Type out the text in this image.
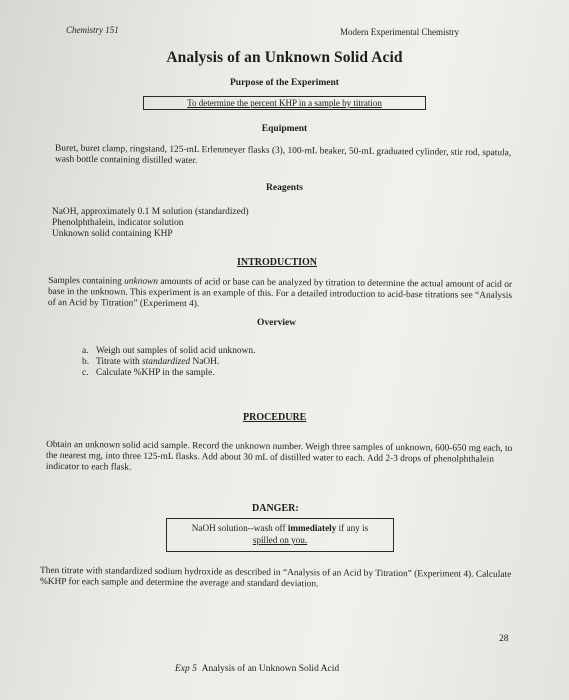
Chemistry 151	Modern Experimental Chemistry
Analysis of an Unknown Solid Acid
Purpose of the Experiment
To determine the percent KHP in a sample by titration
Equipment
Buret, buret clamp, ringstand, 125-mL Erlenmeyer flasks (3), 100-mL beaker, 50-mL graduated cylinder, stir rod, spatula, wash bottle containing distilled water.
Reagents
NaOH, approximately 0.1 M solution (standardized)
Phenolphthalein, indicator solution
Unknown solid containing KHP
INTRODUCTION
Samples containing unknown amounts of acid or base can be analyzed by titration to determine the actual amount of acid or base in the unknown. This experiment is an example of this. For a detailed introduction to acid-base titrations see “Analysis of an Acid by Titration” (Experiment 4).
Overview
a. Weigh out samples of solid acid unknown.
b. Titrate with standardized NaOH.
c. Calculate %KHP in the sample.
PROCEDURE
Obtain an unknown solid acid sample. Record the unknown number. Weigh three samples of unknown, 600-650 mg each, to the nearest mg, into three 125-mL flasks. Add about 30 mL of distilled water to each. Add 2-3 drops of phenolphthalein indicator to each flask.
DANGER:
NaOH solution--wash off immediately if any is
spilled on you.
Then titrate with standardized sodium hydroxide as described in “Analysis of an Acid by Titration” (Experiment 4). Calculate %KHP for each sample and determine the average and standard deviation.
28
Exp 5 Analysis of an Unknown Solid Acid
